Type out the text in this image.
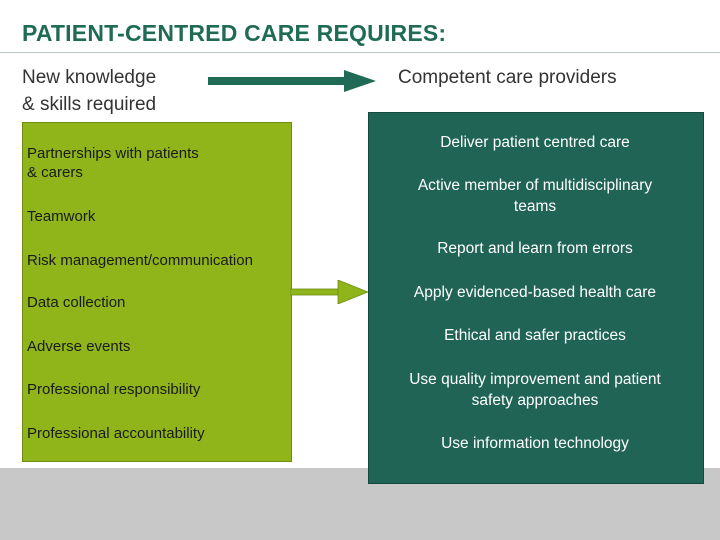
PATIENT-CENTRED CARE REQUIRES:
New knowledge
& skills required
Competent care providers
Partnerships with patients
& carers
Teamwork
Risk management/communication
Data collection
Adverse events
Professional responsibility
Professional accountability
Deliver patient centred care
Active member of multidisciplinary
teams
Report and learn from errors
Apply evidenced-based health care
Ethical and safer practices
Use quality improvement and patient
safety approaches
Use information technology
